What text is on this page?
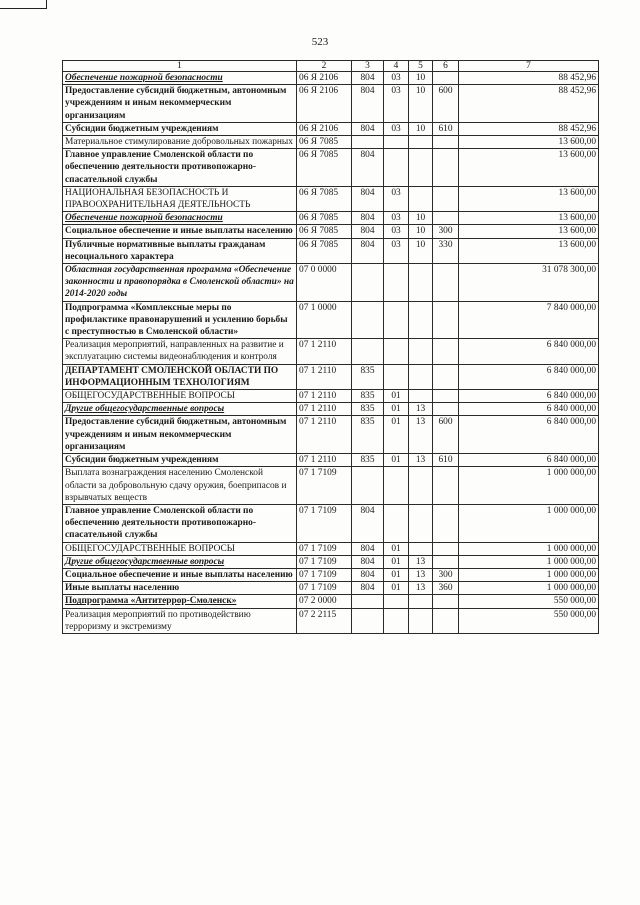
523
1	2	3	4	5	6	7
Обеспечение пожарной безопасности	06 Я 2106	804	03	10		88 452,96
Предоставление субсидий бюджетным, автономным учреждениям и иным некоммерческим организациям	06 Я 2106	804	03	10	600	88 452,96
Субсидии бюджетным учреждениям	06 Я 2106	804	03	10	610	88 452,96
Материальное стимулирование добровольных пожарных	06 Я 7085					13 600,00
Главное управление Смоленской области по обеспечению деятельности противопожарно-спасательной службы	06 Я 7085	804				13 600,00
НАЦИОНАЛЬНАЯ БЕЗОПАСНОСТЬ И ПРАВООХРАНИТЕЛЬНАЯ ДЕЯТЕЛЬНОСТЬ	06 Я 7085	804	03			13 600,00
Обеспечение пожарной безопасности	06 Я 7085	804	03	10		13 600,00
Социальное обеспечение и иные выплаты населению	06 Я 7085	804	03	10	300	13 600,00
Публичные нормативные выплаты гражданам несоциального характера	06 Я 7085	804	03	10	330	13 600,00
Областная государственная программа «Обеспечение законности и правопорядка в Смоленской области» на 2014-2020 годы	07 0 0000					31 078 300,00
Подпрограмма «Комплексные меры по профилактике правонарушений и усилению борьбы с преступностью в Смоленской области»	07 1 0000					7 840 000,00
Реализация мероприятий, направленных на развитие и эксплуатацию системы видеонаблюдения и контроля	07 1 2110					6 840 000,00
ДЕПАРТАМЕНТ СМОЛЕНСКОЙ ОБЛАСТИ ПО ИНФОРМАЦИОННЫМ ТЕХНОЛОГИЯМ	07 1 2110	835				6 840 000,00
ОБЩЕГОСУДАРСТВЕННЫЕ ВОПРОСЫ	07 1 2110	835	01			6 840 000,00
Другие общегосударственные вопросы	07 1 2110	835	01	13		6 840 000,00
Предоставление субсидий бюджетным, автономным учреждениям и иным некоммерческим организациям	07 1 2110	835	01	13	600	6 840 000,00
Субсидии бюджетным учреждениям	07 1 2110	835	01	13	610	6 840 000,00
Выплата вознаграждения населению Смоленской области за добровольную сдачу оружия, боеприпасов и взрывчатых веществ	07 1 7109					1 000 000,00
Главное управление Смоленской области по обеспечению деятельности противопожарно-спасательной службы	07 1 7109	804				1 000 000,00
ОБЩЕГОСУДАРСТВЕННЫЕ ВОПРОСЫ	07 1 7109	804	01			1 000 000,00
Другие общегосударственные вопросы	07 1 7109	804	01	13		1 000 000,00
Социальное обеспечение и иные выплаты населению	07 1 7109	804	01	13	300	1 000 000,00
Иные выплаты населению	07 1 7109	804	01	13	360	1 000 000,00
Подпрограмма «Антитеррор-Смоленск»	07 2 0000					550 000,00
Реализация мероприятий по противодействию терроризму и экстремизму	07 2 2115					550 000,00
